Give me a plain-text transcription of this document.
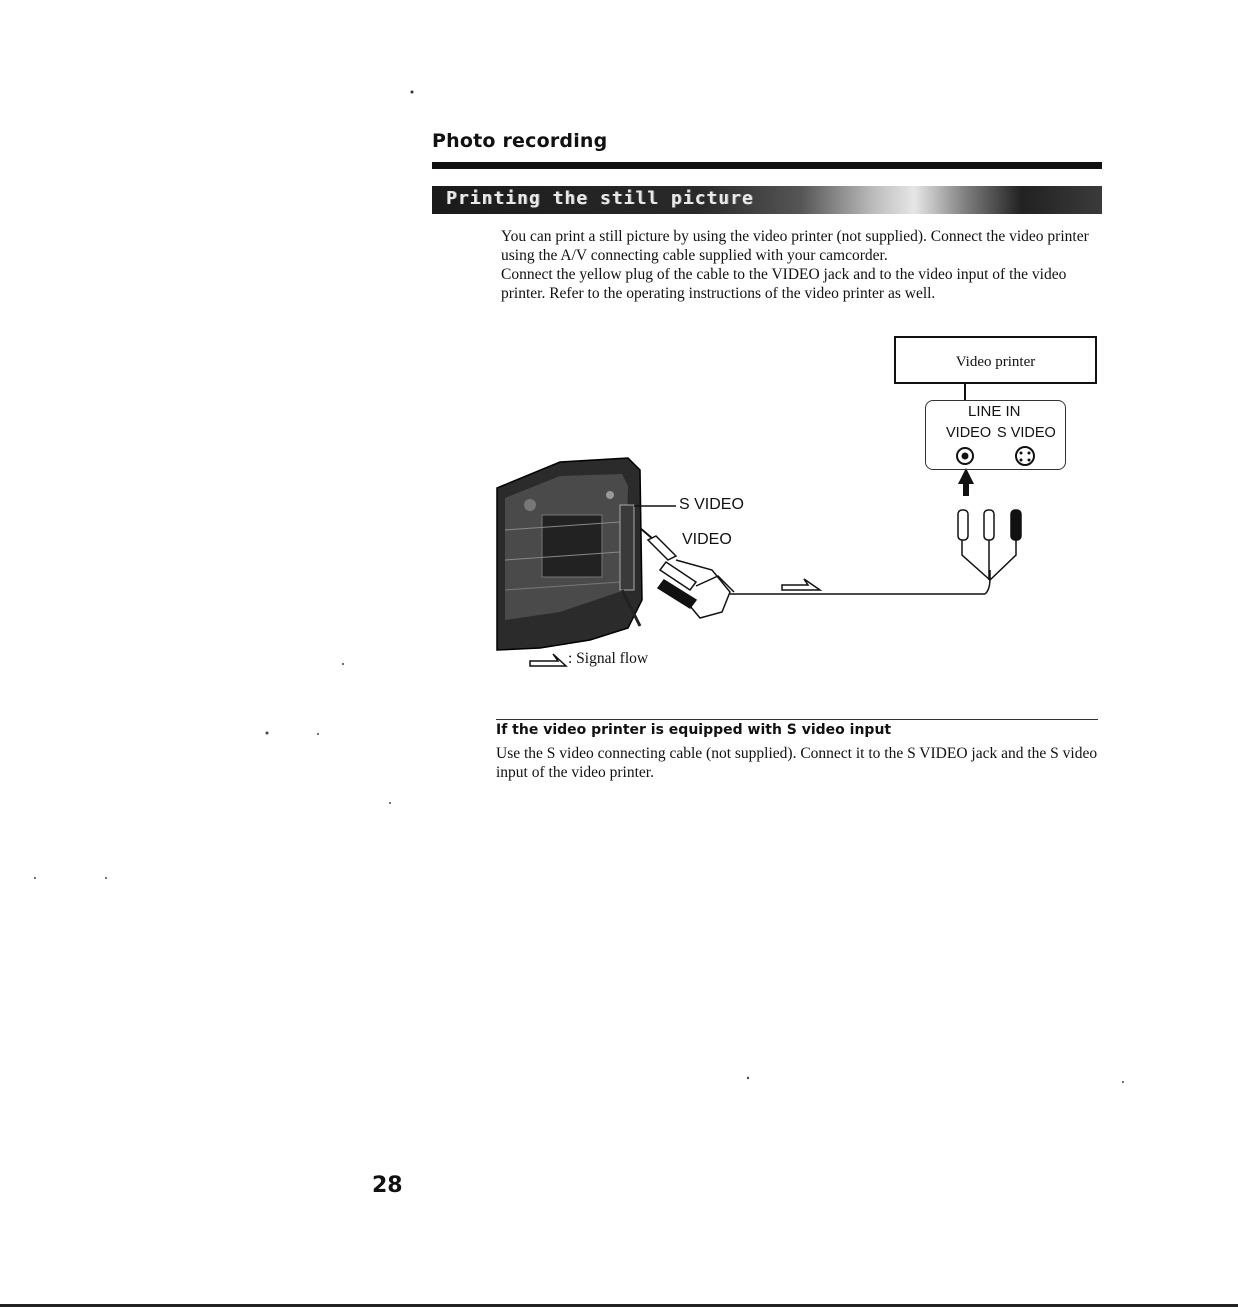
Photo recording
Printing the still picture
You can print a still picture by using the video printer (not supplied). Connect the video printer using the A/V connecting cable supplied with your camcorder.
Connect the yellow plug of the cable to the VIDEO jack and to the video input of the video printer. Refer to the operating instructions of the video printer as well.
Video printer
LINE IN
VIDEO S VIDEO
S VIDEO
VIDEO
: Signal flow
If the video printer is equipped with S video input
Use the S video connecting cable (not supplied). Connect it to the S VIDEO jack and the S video input of the video printer.
28
